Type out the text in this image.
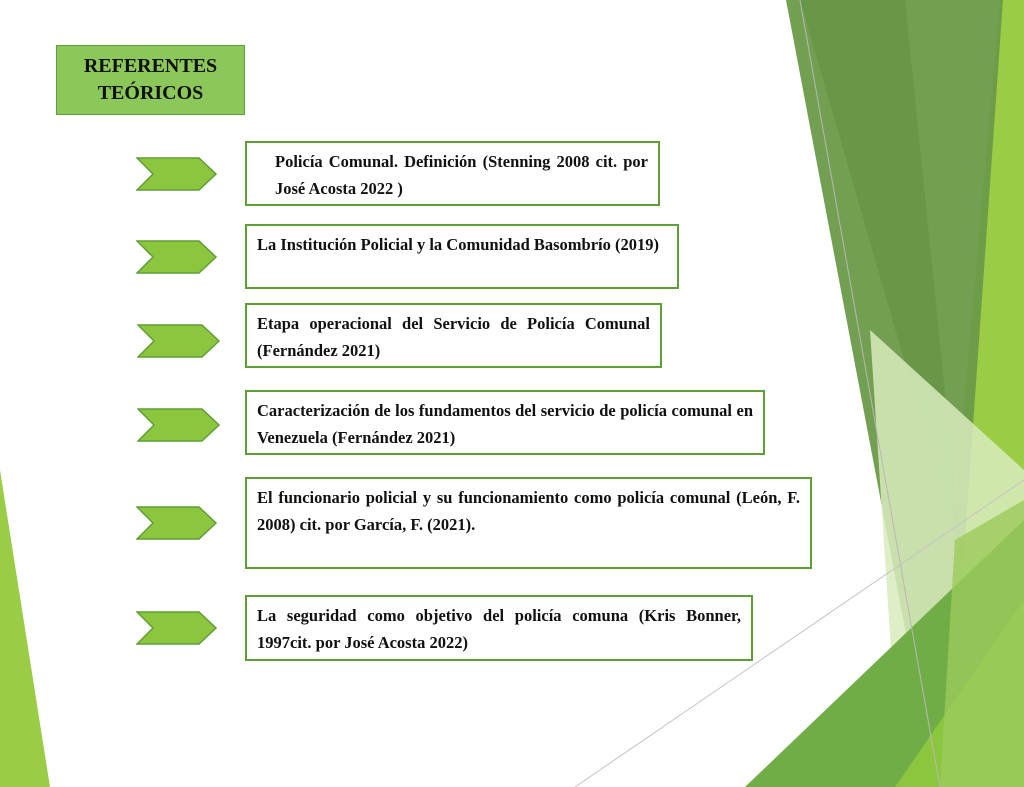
REFERENTES
TEÓRICOS
Policía Comunal. Definición (Stenning 2008 cit. por José Acosta 2022 )
La Institución Policial y la Comunidad Basombrío (2019)
Etapa operacional del Servicio de Policía Comunal (Fernández 2021)
Caracterización de los fundamentos del servicio de policía comunal en Venezuela (Fernández 2021)
El funcionario policial y su funcionamiento como policía comunal (León, F. 2008) cit. por García, F. (2021).
La seguridad como objetivo del policía comuna (Kris Bonner, 1997cit. por José Acosta 2022)
